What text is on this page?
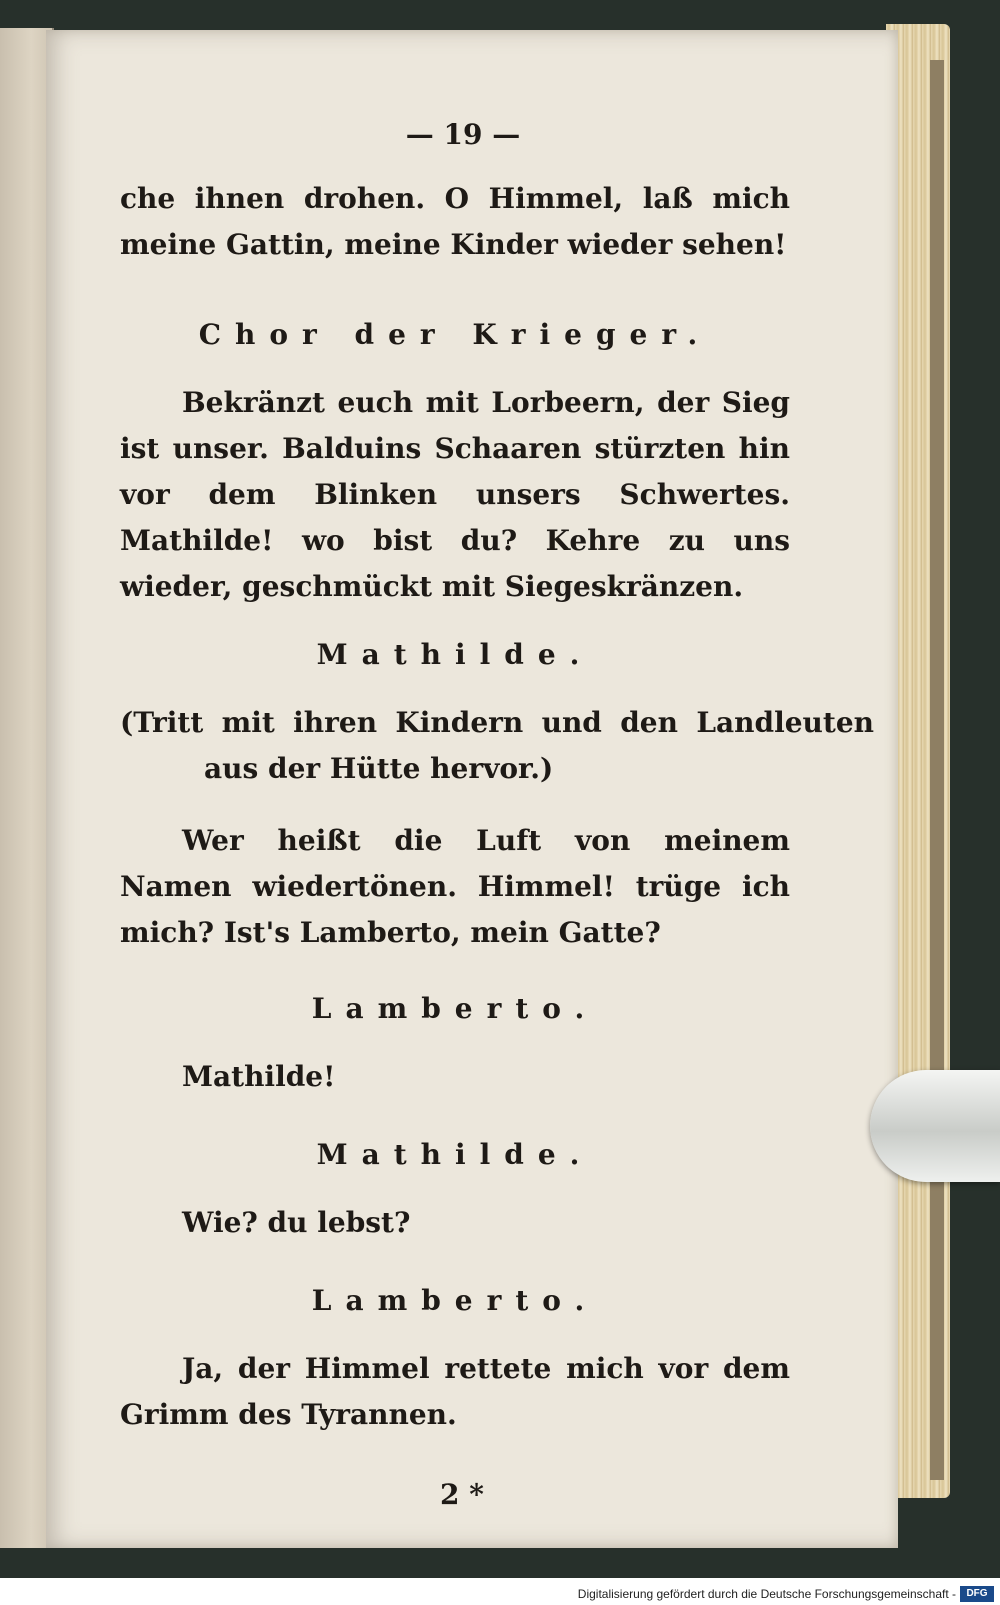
— 19 —

che ihnen drohen. O Himmel, laß mich meine Gattin, meine Kinder wieder sehen!

Chor der Krieger.

Bekränzt euch mit Lorbeern, der Sieg ist unser. Balduins Schaaren stürzten hin vor dem Blinken unsers Schwertes. Mathilde! wo bist du? Kehre zu uns wieder, geschmückt mit Siegeskränzen.

Mathilde.

(Tritt mit ihren Kindern und den Landleuten aus der Hütte hervor.)

Wer heißt die Luft von meinem Namen wiedertönen. Himmel! trüge ich mich? Ist's Lamberto, mein Gatte?

Lamberto.

Mathilde!

Mathilde.

Wie? du lebst?

Lamberto.

Ja, der Himmel rettete mich vor dem Grimm des Tyrannen.

2 *

Digitalisierung gefördert durch die Deutsche Forschungsgemeinschaft -	DFG
